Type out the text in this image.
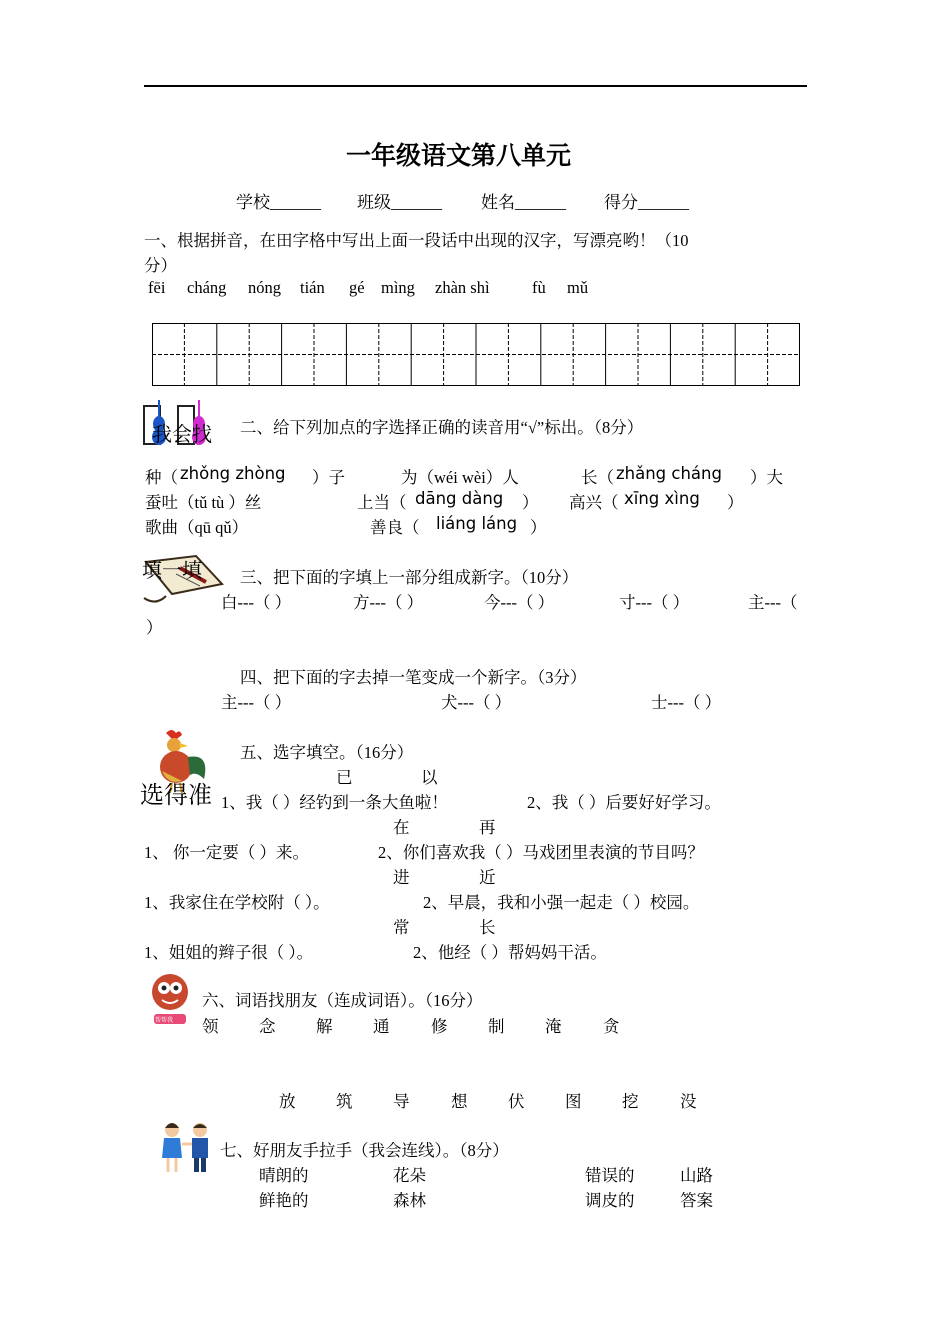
一年级语文第八单元
学校______ 班级______ 姓名______ 得分______
一、根据拼音，在田字格中写出上面一段话中出现的汉字，写漂亮哟！（10
分）
fēi cháng nóng tián gé mìng zhàn shì	fù mǔ
我会找 二、给下列加点的字选择正确的读音用“√”标出。（8分）
种（ zhǒng zhòng ）子	为（wéi wèi）人	长（ zhǎng cháng ）大
蚕吐（tǔ tù ）丝	上当（ dāng dàng ） 高兴（ xīng xìng ）
歌曲（qū qǔ）	善良（ liáng láng ）
填一填 三、把下面的字填上一部分组成新字。（10分）
白---（ ）	方---（ ）	今---（ ）	寸---（ ）	主---（
）
四、把下面的字去掉一笔变成一个新字。（3分）
主---（ ）	犬---（ ）	士---（ ）
选得准
五、选字填空。（16分）
已	以
1、我（ ）经钓到一条大鱼啦！	2、我（ ）后要好好学习。
在	再
1、 你一定要（ ）来。	2、你们喜欢我（ ）马戏团里表演的节目吗？
进	近
1、我家住在学校附（ ）。	2、早晨，我和小强一起走（ ）校园。
常	长
1、姐姐的辫子很（ ）。	2、他经（ ）帮妈妈干活。
帮帮我
六、词语找朋友（连成词语）。（16分）
领 念 解 通	修 制 淹	贪
放 筑 导	想 伏 图 挖	没
七、好朋友手拉手（我会连线）。（8分）
晴朗的	花朵	错误的	山路
鲜艳的	森林	调皮的	答案
